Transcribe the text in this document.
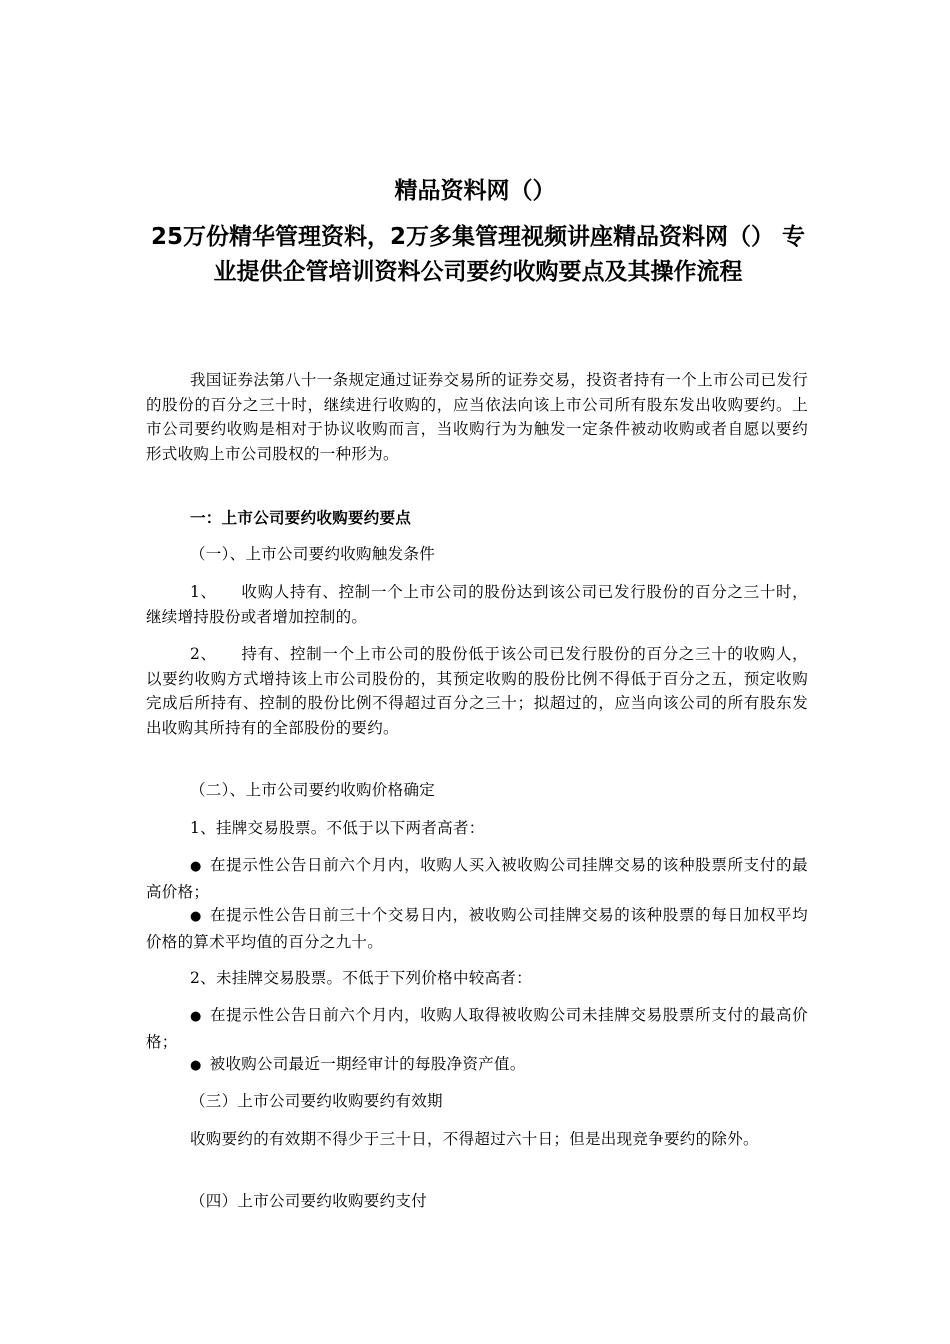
精品资料网（）
25万份精华管理资料，2万多集管理视频讲座精品资料网（） 专业提供企管培训资料公司要约收购要点及其操作流程
我国证券法第八十一条规定通过证券交易所的证券交易，投资者持有一个上市公司已发行的股份的百分之三十时，继续进行收购的，应当依法向该上市公司所有股东发出收购要约。上市公司要约收购是相对于协议收购而言，当收购行为为触发一定条件被动收购或者自愿以要约形式收购上市公司股权的一种形为。
一：上市公司要约收购要约要点
（一）、上市公司要约收购触发条件
1、　　收购人持有、控制一个上市公司的股份达到该公司已发行股份的百分之三十时，继续增持股份或者增加控制的。
2、　　持有、控制一个上市公司的股份低于该公司已发行股份的百分之三十的收购人，以要约收购方式增持该上市公司股份的，其预定收购的股份比例不得低于百分之五，预定收购完成后所持有、控制的股份比例不得超过百分之三十；拟超过的，应当向该公司的所有股东发出收购其所持有的全部股份的要约。
（二）、上市公司要约收购价格确定
1、挂牌交易股票。不低于以下两者高者：
● 在提示性公告日前六个月内，收购人买入被收购公司挂牌交易的该种股票所支付的最高价格；
● 在提示性公告日前三十个交易日内，被收购公司挂牌交易的该种股票的每日加权平均价格的算术平均值的百分之九十。
2、未挂牌交易股票。不低于下列价格中较高者：
● 在提示性公告日前六个月内，收购人取得被收购公司未挂牌交易股票所支付的最高价格；
● 被收购公司最近一期经审计的每股净资产值。
（三）上市公司要约收购要约有效期
收购要约的有效期不得少于三十日，不得超过六十日；但是出现竞争要约的除外。
（四）上市公司要约收购要约支付
